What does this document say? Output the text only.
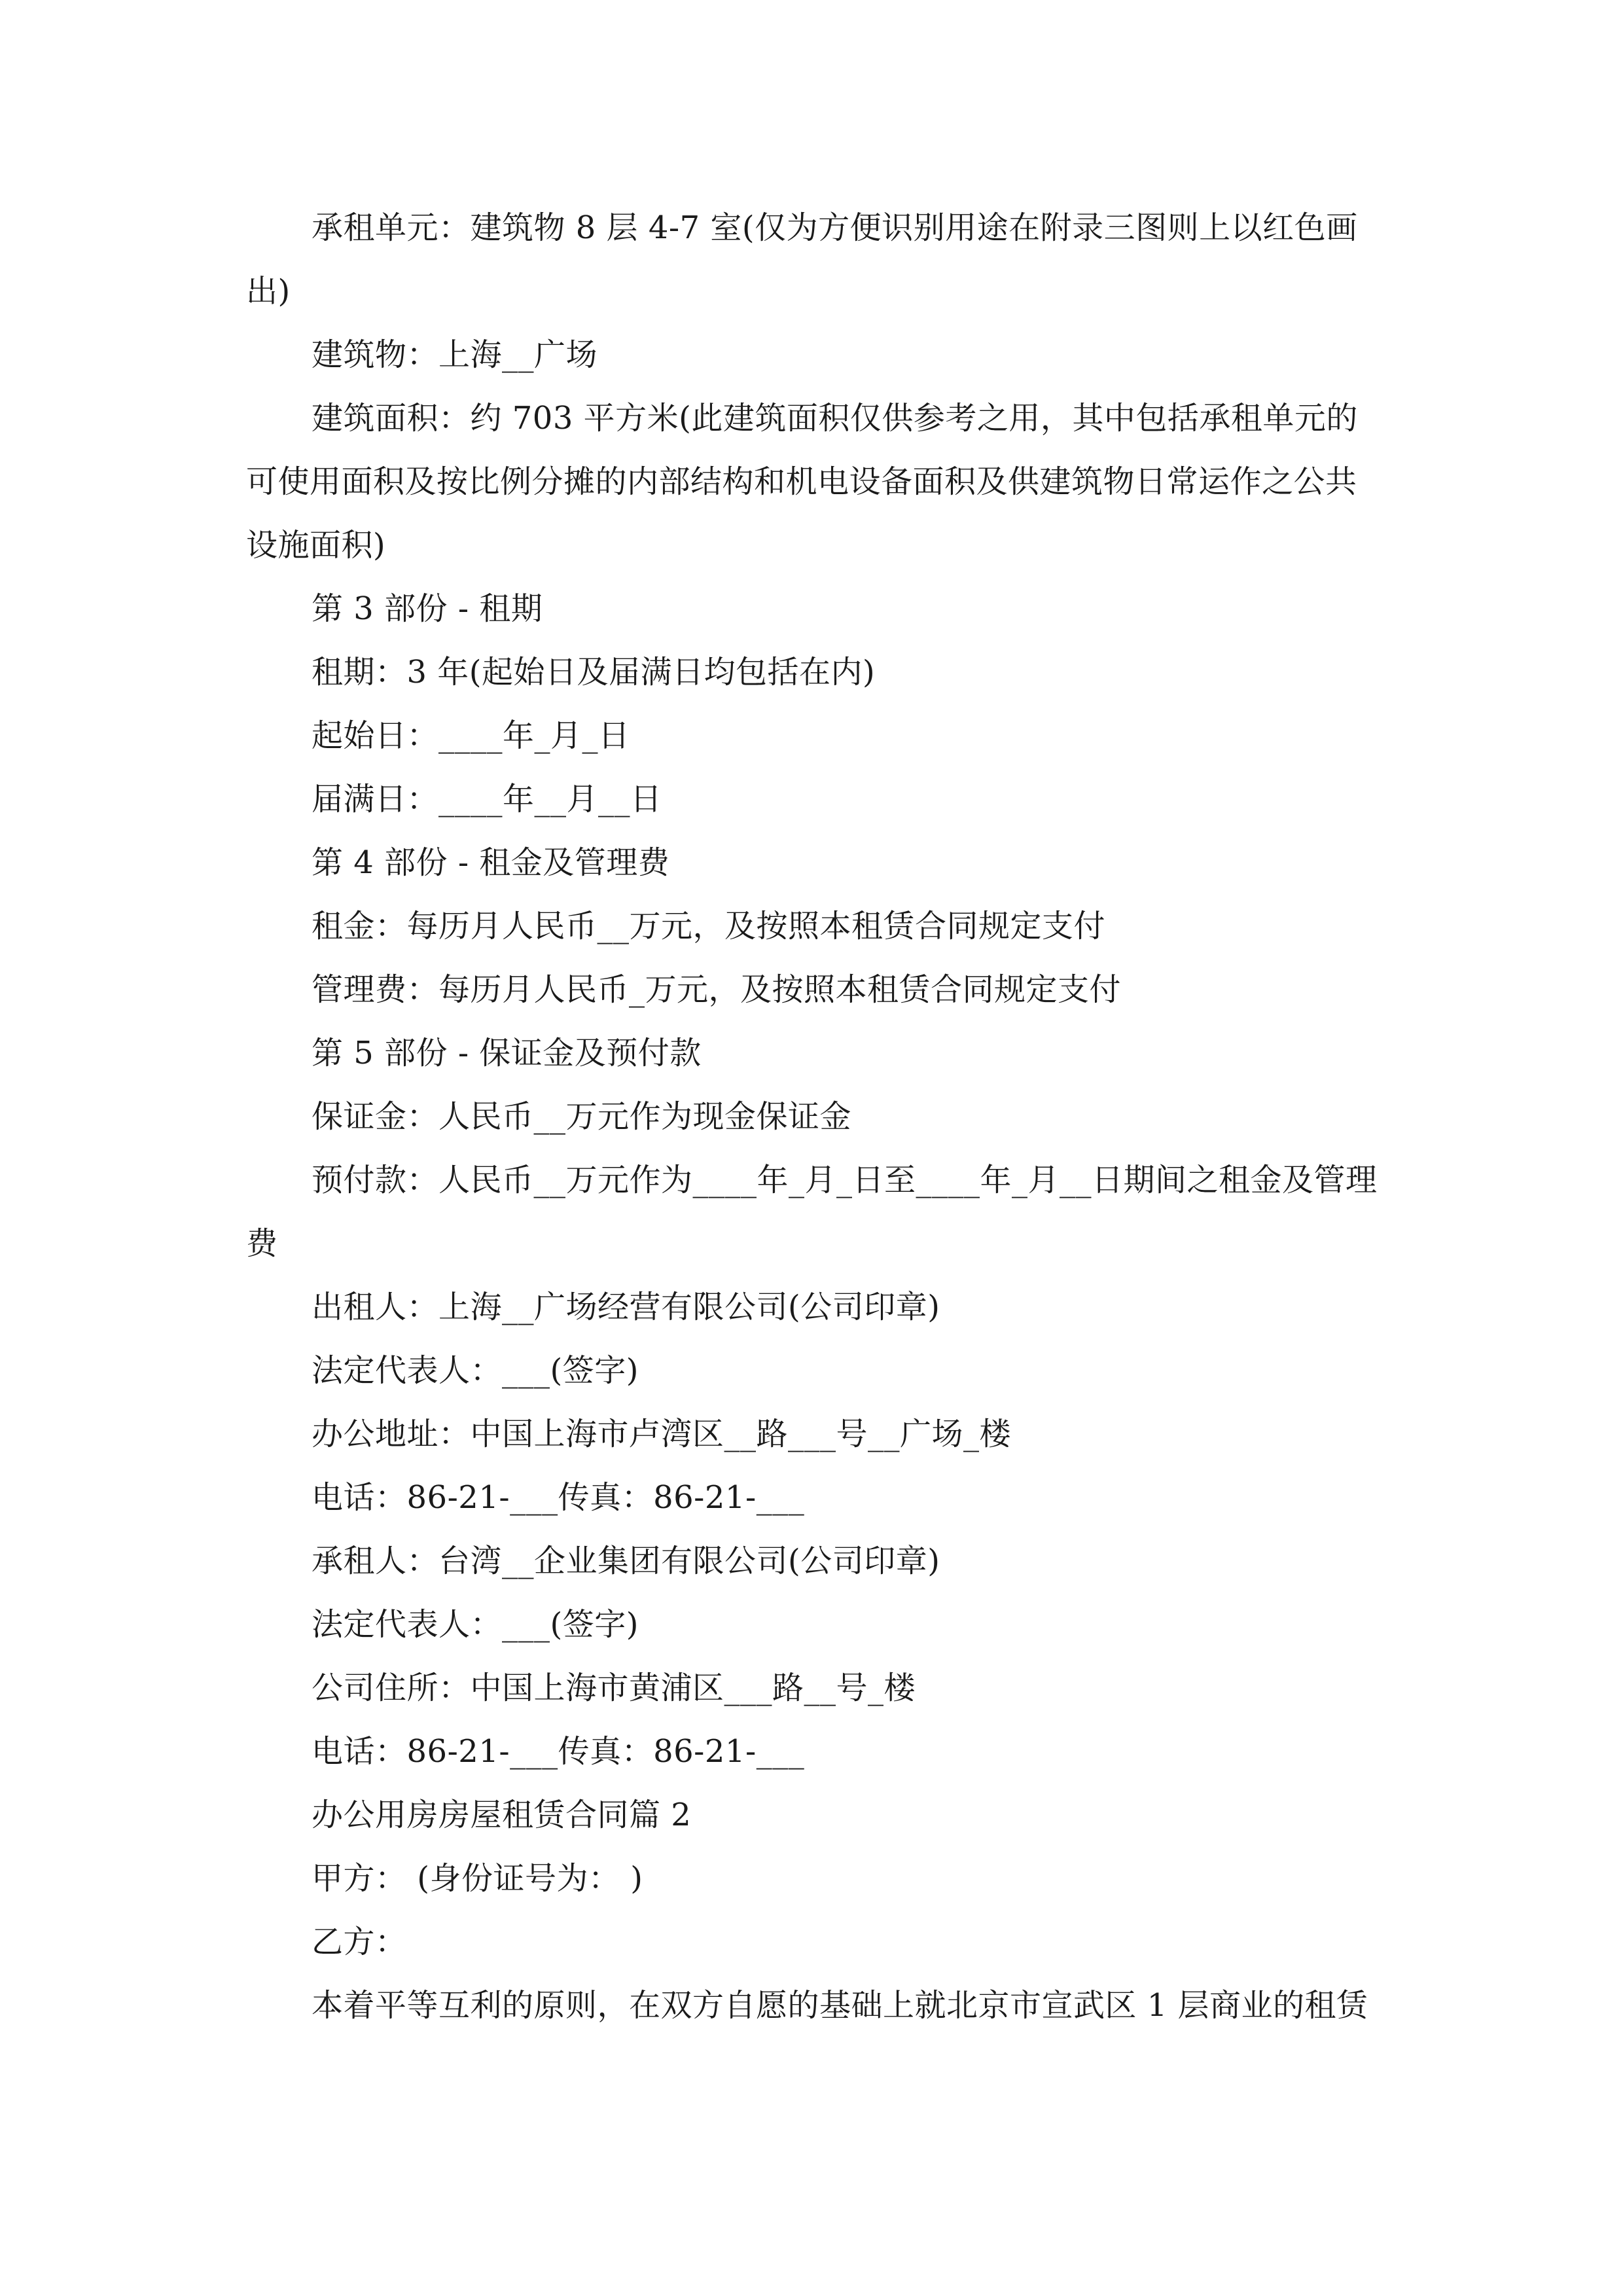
承租单元：建筑物 8 层 4-7 室(仅为方便识别用途在附录三图则上以红色画出)

建筑物：上海__广场

建筑面积：约 703 平方米(此建筑面积仅供参考之用，其中包括承租单元的可使用面积及按比例分摊的内部结构和机电设备面积及供建筑物日常运作之公共设施面积)

第 3 部份 - 租期

租期：3 年(起始日及届满日均包括在内)

起始日：____年_月_日

届满日：____年__月__日

第 4 部份 - 租金及管理费

租金：每历月人民币__万元，及按照本租赁合同规定支付

管理费：每历月人民币_万元，及按照本租赁合同规定支付

第 5 部份 - 保证金及预付款

保证金：人民币__万元作为现金保证金

预付款：人民币__万元作为____年_月_日至____年_月__日期间之租金及管理费

出租人：上海__广场经营有限公司(公司印章)

法定代表人：___(签字)

办公地址：中国上海市卢湾区__路___号__广场_楼

电话：86-21-___传真：86-21-___

承租人：台湾__企业集团有限公司(公司印章)

法定代表人：___(签字)

公司住所：中国上海市黄浦区___路__号_楼

电话：86-21-___传真：86-21-___

办公用房房屋租赁合同篇 2

甲方： (身份证号为： )

乙方：

本着平等互利的原则，在双方自愿的基础上就北京市宣武区 1 层商业的租赁
